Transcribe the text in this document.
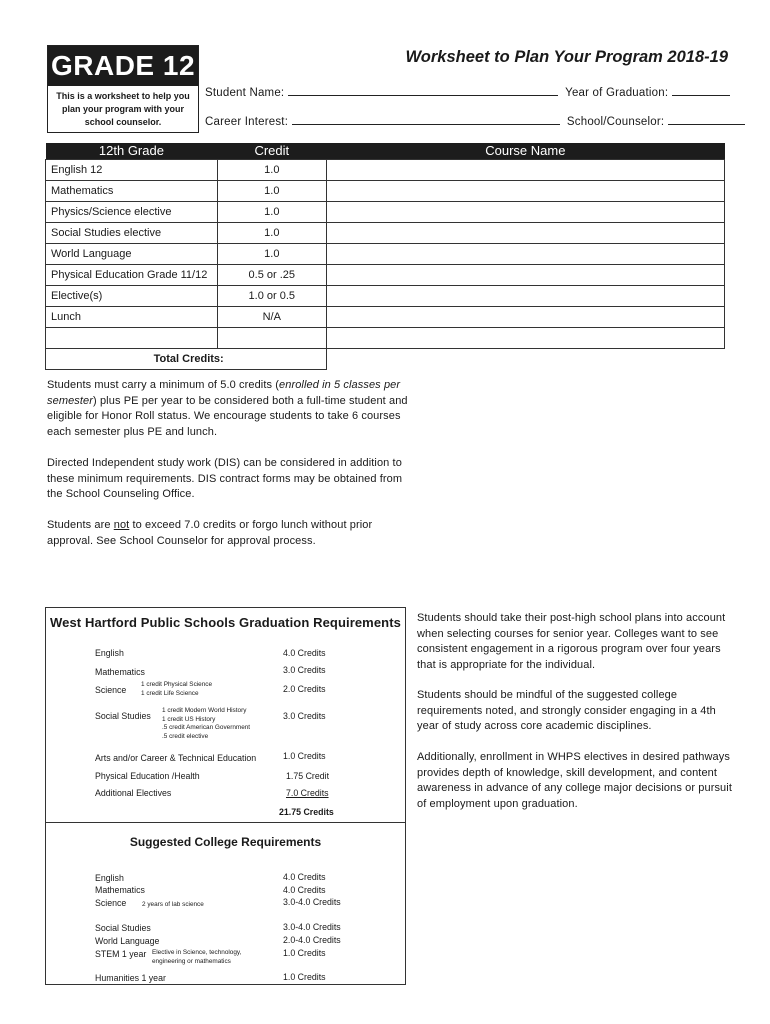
GRADE 12
This is a worksheet to help you plan your program with your school counselor.
Worksheet to Plan Your Program 2018-19
Student Name:	Year of Graduation:
Career Interest:	School/Counselor:
12th Grade	Credit	Course Name
English 12	1.0	
Mathematics	1.0	
Physics/Science elective	1.0	
Social Studies elective	1.0	
World Language	1.0	
Physical Education Grade 11/12	0.5 or .25	
Elective(s)	1.0 or 0.5	
Lunch	N/A	

Total Credits:		
Students must carry a minimum of 5.0 credits (enrolled in 5 classes per semester) plus PE per year to be considered both a full-time student and eligible for Honor Roll status. We encourage students to take 6 courses each semester plus PE and lunch.
Directed Independent study work (DIS) can be considered in addition to these minimum requirements. DIS contract forms may be obtained from the School Counseling Office.
Students are not to exceed 7.0 credits or forgo lunch without prior approval. See School Counselor for approval process.
West Hartford Public Schools Graduation Requirements
English	4.0 Credits
Mathematics	3.0 Credits
Science
1 credit Physical Science
1 credit Life Science	2.0 Credits
Social Studies
1 credit Modern World History
1 credit US History
.5 credit American Government
.5 credit elective
3.0 Credits
Arts and/or Career & Technical Education	1.0 Credits
Physical Education /Health	1.75 Credit
Additional Electives	7.0 Credits
21.75 Credits
Suggested College Requirements
English	4.0 Credits
Mathematics	4.0 Credits
Science 2 years of lab science	3.0-4.0 Credits
Social Studies	3.0-4.0 Credits
World Language	2.0-4.0 Credits
STEM 1 year Elective in Science, technology,
engineering or mathematics
1.0 Credits
Humanities 1 year	1.0 Credits
Students should take their post-high school plans into account when selecting courses for senior year. Colleges want to see consistent engagement in a rigorous program over four years that is appropriate for the individual.
Students should be mindful of the suggested college requirements noted, and strongly consider engaging in a 4th year of study across core academic disciplines.
Additionally, enrollment in WHPS electives in desired pathways provides depth of knowledge, skill development, and content awareness in advance of any college major decisions or pursuit of employment upon graduation.
